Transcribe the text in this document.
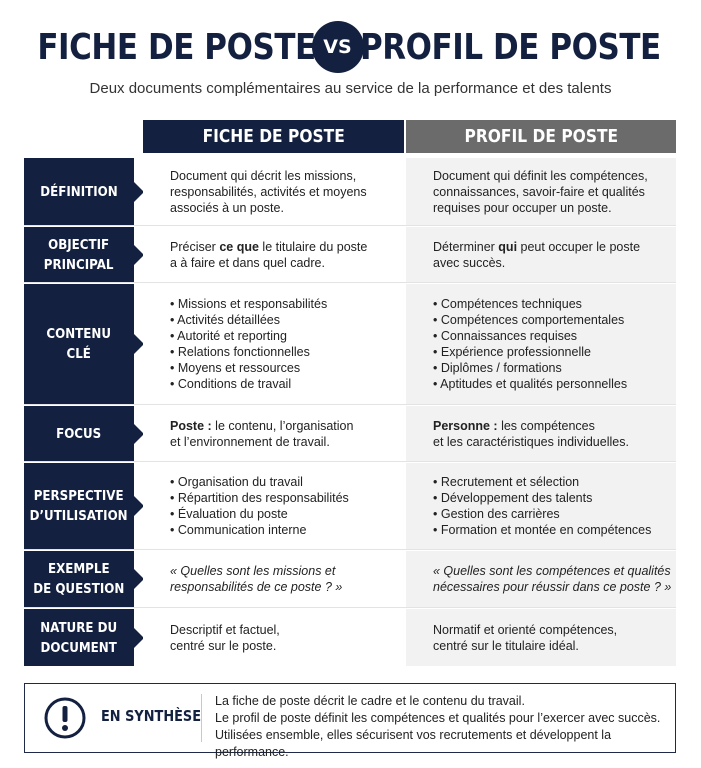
FICHE DE POSTE VS PROFIL DE POSTE
Deux documents complémentaires au service de la performance et des talents
FICHE DE POSTE	PROFIL DE POSTE
DÉFINITION
Document qui décrit les missions,
responsabilités, activités et moyens
associés à un poste.
Document qui définit les compétences,
connaissances, savoir-faire et qualités
requises pour occuper un poste.
OBJECTIF
PRINCIPAL
Préciser ce que le titulaire du poste
a à faire et dans quel cadre.
Déterminer qui peut occuper le poste
avec succès.
CONTENU
CLÉ
• Missions et responsabilités
• Activités détaillées
• Autorité et reporting
• Relations fonctionnelles
• Moyens et ressources
• Conditions de travail
• Compétences techniques
• Compétences comportementales
• Connaissances requises
• Expérience professionnelle
• Diplômes / formations
• Aptitudes et qualités personnelles
FOCUS	Poste : le contenu, l’organisation
et l’environnement de travail.
Personne : les compétences
et les caractéristiques individuelles.
PERSPECTIVE
D’UTILISATION
• Organisation du travail
• Répartition des responsabilités
• Évaluation du poste
• Communication interne
• Recrutement et sélection
• Développement des talents
• Gestion des carrières
• Formation et montée en compétences
EXEMPLE
DE QUESTION
« Quelles sont les missions et
responsabilités de ce poste ? »
« Quelles sont les compétences et qualités
nécessaires pour réussir dans ce poste ? »
NATURE DU
DOCUMENT
Descriptif et factuel,
centré sur le poste.
Normatif et orienté compétences,
centré sur le titulaire idéal.
EN SYNTHÈSE
La fiche de poste décrit le cadre et le contenu du travail.
Le profil de poste définit les compétences et qualités pour l’exercer avec succès.
Utilisées ensemble, elles sécurisent vos recrutements et développent la performance.
